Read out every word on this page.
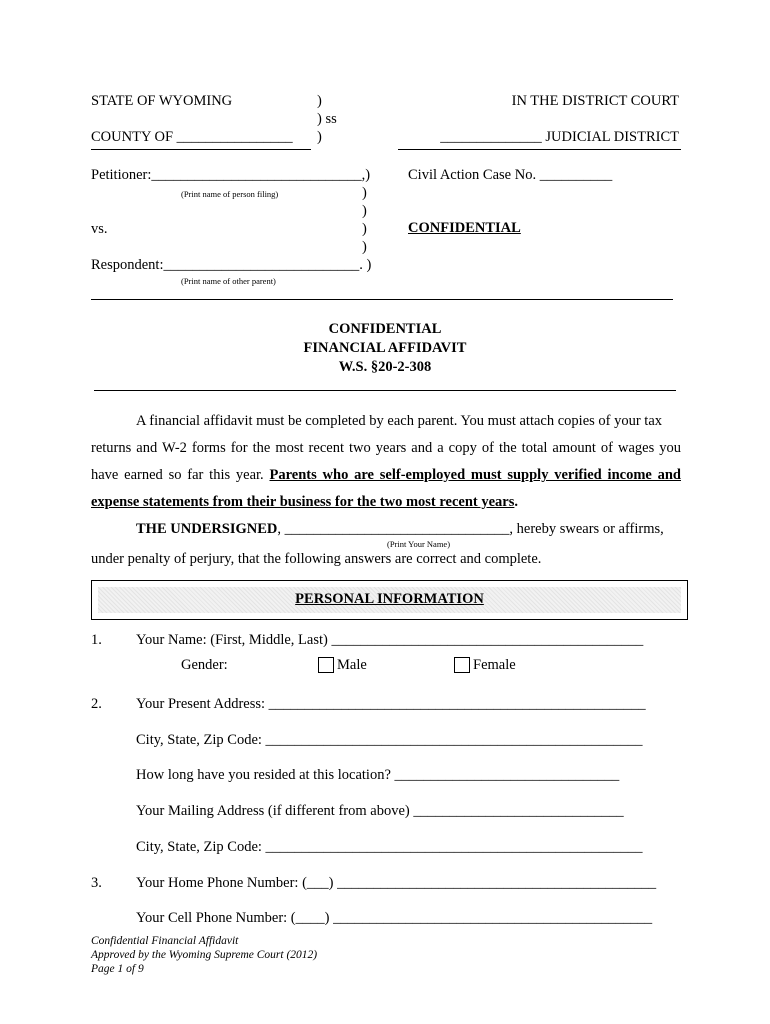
STATE OF WYOMING	)
) ss
COUNTY OF ________________ )
IN THE DISTRICT COURT
______________ JUDICIAL DISTRICT
Petitioner:_____________________________,)
(Print name of person filing)
Civil Action Case No. __________
)
)
vs.	)	CONFIDENTIAL
)
Respondent:___________________________. )
(Print name of other parent)
CONFIDENTIAL
FINANCIAL AFFIDAVIT
W.S. §20-2-308
A financial affidavit must be completed by each parent. You must attach copies of your tax
returns and W-2 forms for the most recent two years and a copy of the total amount of wages you
have earned so far this year. Parents who are self-employed must supply verified income and
expense statements from their business for the two most recent years.
THE UNDERSIGNED, _______________________________, hereby swears or affirms,
(Print Your Name)
under penalty of perjury, that the following answers are correct and complete.
PERSONAL INFORMATION
1. Your Name: (First, Middle, Last) ___________________________________________
Gender:	Male	Female
2. Your Present Address: ____________________________________________________
City, State, Zip Code: ____________________________________________________
How long have you resided at this location? _______________________________
Your Mailing Address (if different from above) _____________________________
City, State, Zip Code: ____________________________________________________
3. Your Home Phone Number: (___) ____________________________________________
Your Cell Phone Number: (____) ____________________________________________
Confidential Financial Affidavit
Approved by the Wyoming Supreme Court (2012)
Page 1 of 9
